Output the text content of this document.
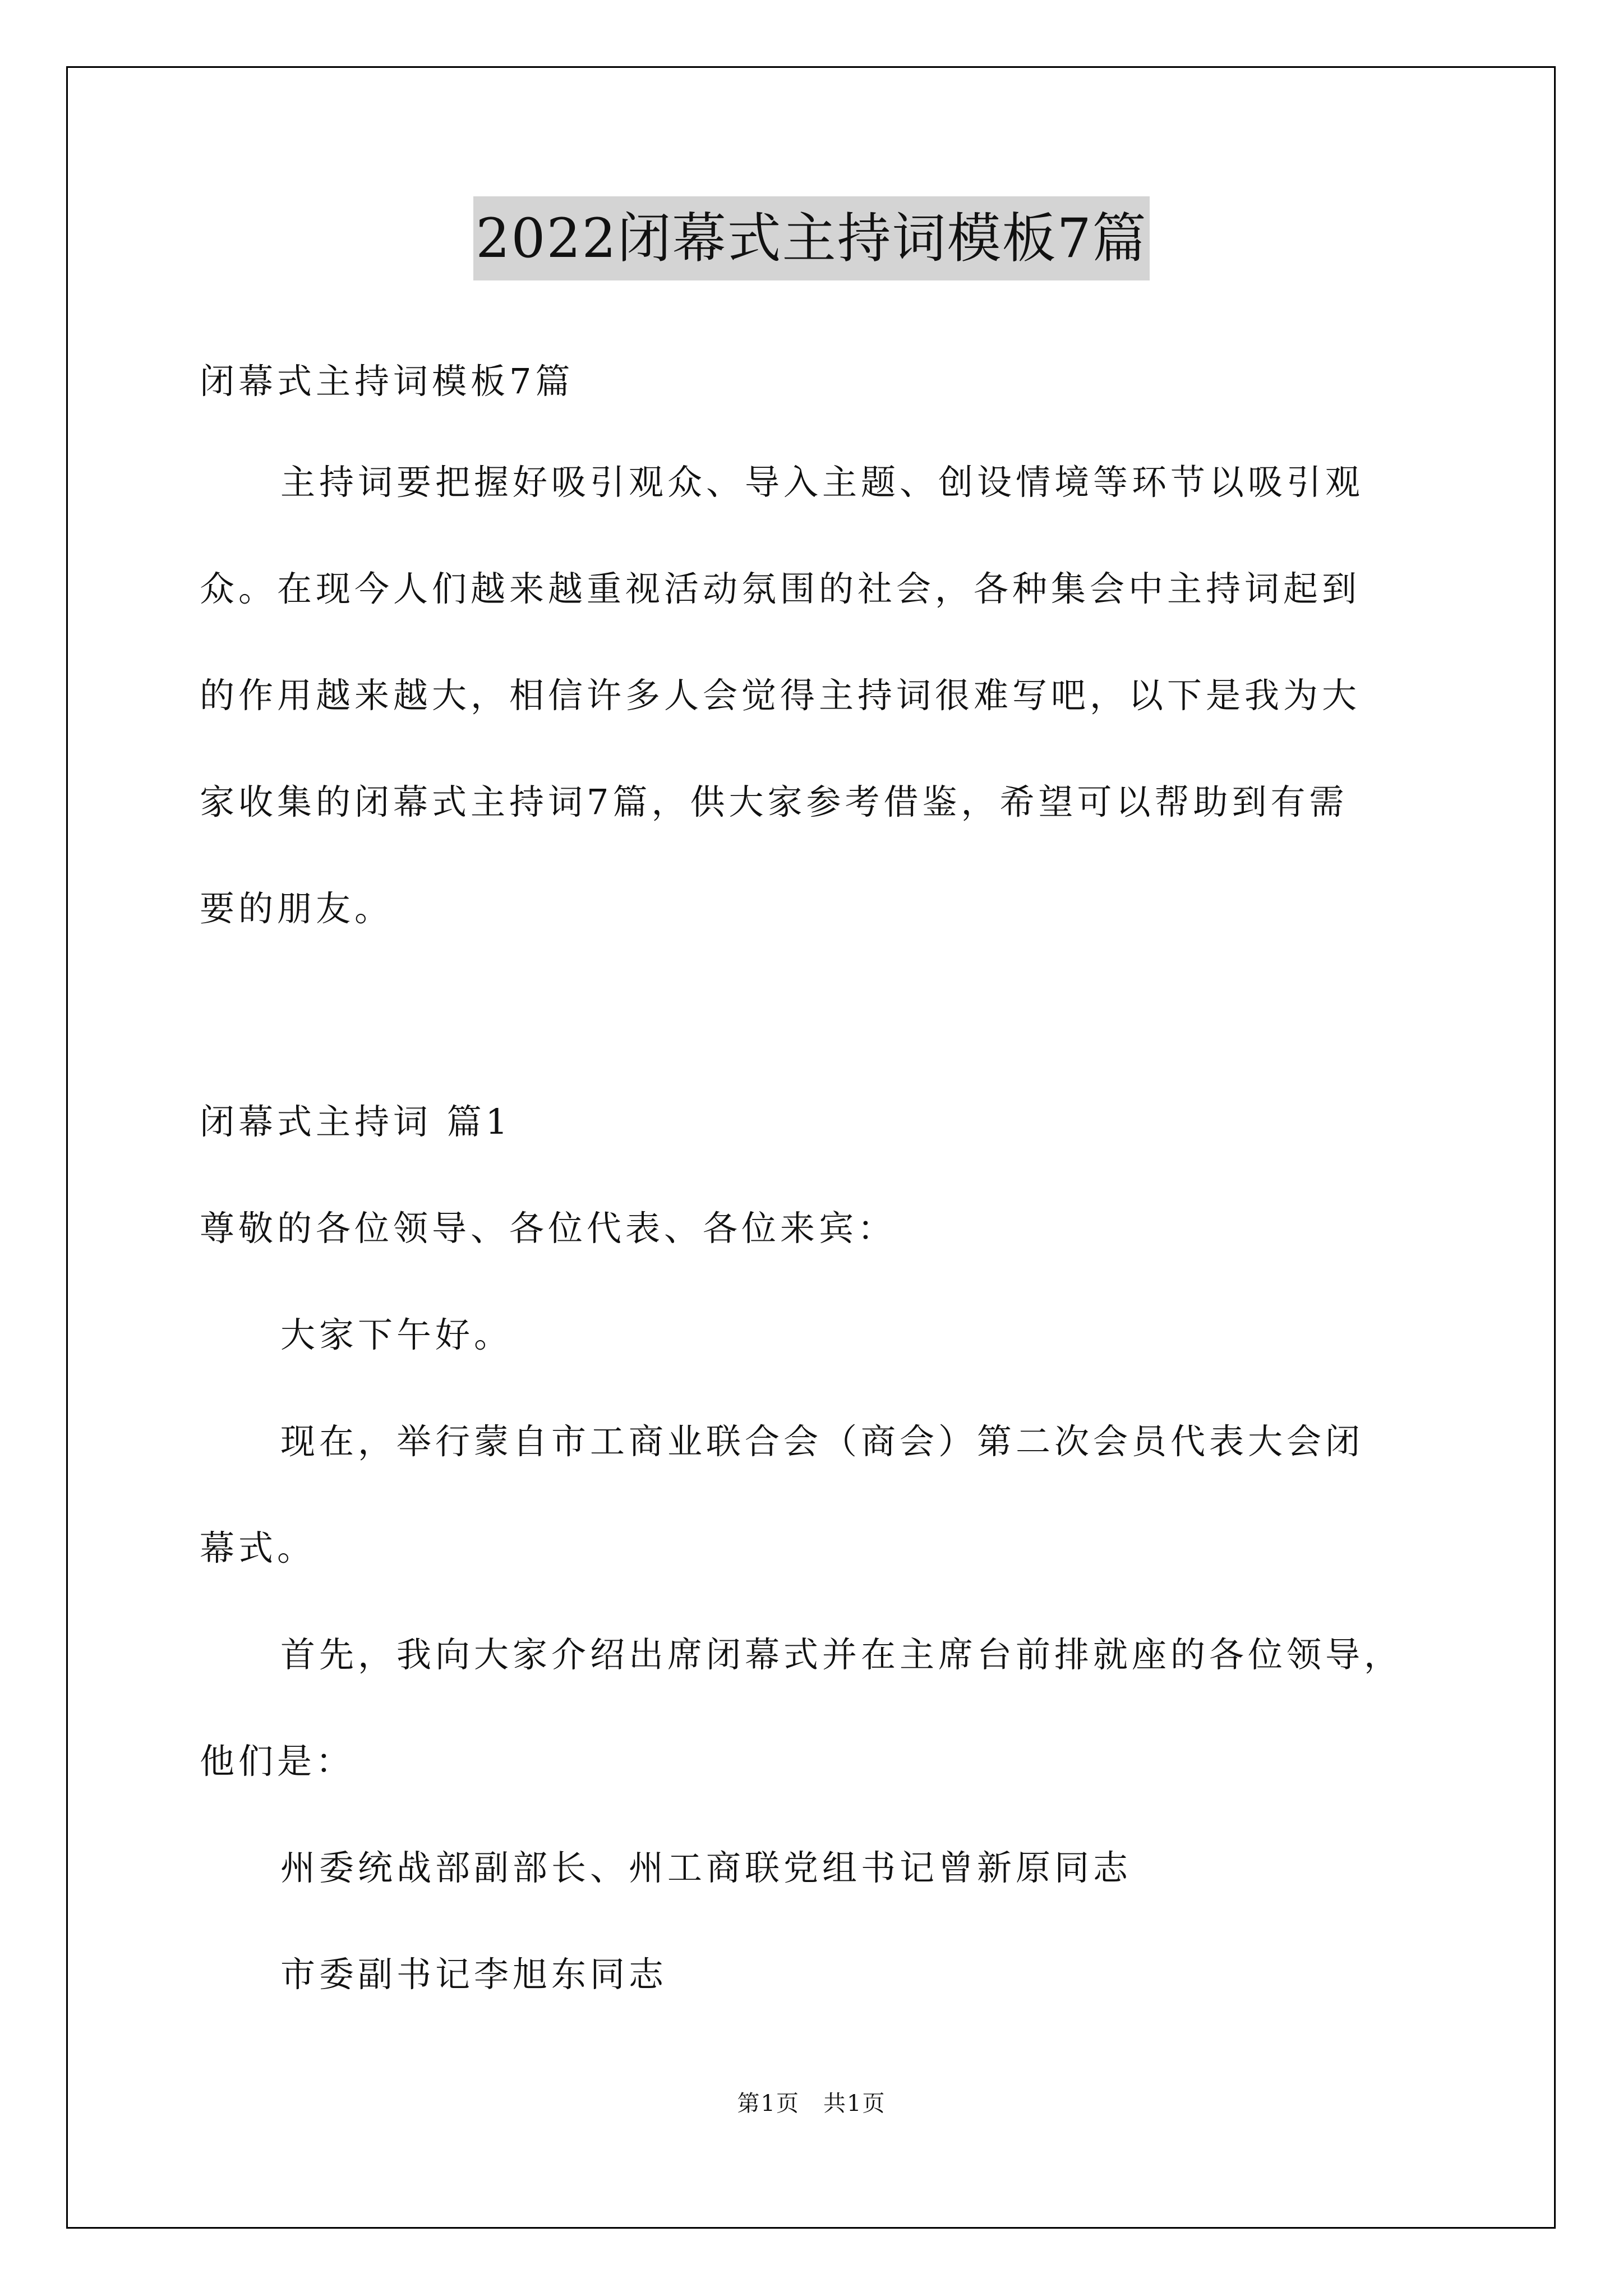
2022闭幕式主持词模板7篇
闭幕式主持词模板7篇
主持词要把握好吸引观众、导入主题、创设情境等环节以吸引观
众。在现今人们越来越重视活动氛围的社会，各种集会中主持词起到
的作用越来越大，相信许多人会觉得主持词很难写吧，以下是我为大
家收集的闭幕式主持词7篇，供大家参考借鉴，希望可以帮助到有需
要的朋友。
闭幕式主持词 篇1
尊敬的各位领导、各位代表、各位来宾：
大家下午好。
现在，举行蒙自市工商业联合会（商会）第二次会员代表大会闭
幕式。
首先，我向大家介绍出席闭幕式并在主席台前排就座的各位领导，
他们是：
州委统战部副部长、州工商联党组书记曾新原同志
市委副书记李旭东同志
第1页　共1页
